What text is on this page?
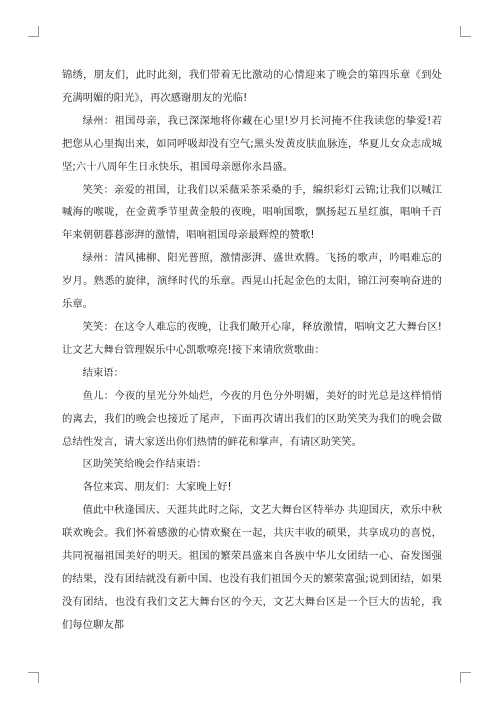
锦绣，朋友们，此时此刻，我们带着无比激动的心情迎来了晚会的第四乐章《到处充满明媚的阳光》，再次感谢朋友的光临!

绿州：祖国母亲，我已深深地将你藏在心里!岁月长河掩不住我读您的挚爱!若把您从心里掏出来，如同呼吸却没有空气;黑头发黄皮肤血脉连，华夏儿女众志成城坚;六十八周年生日永快乐，祖国母亲愿你永昌盛。

笑笑：亲爱的祖国，让我们以采薇采茶采桑的手，编织彩灯云锦;让我们以喊江喊海的喉咙，在金黄季节里黄金般的夜晚，唱响国歌，飘扬起五星红旗，唱响千百年来朝朝暮暮澎湃的激情，唱响祖国母亲最辉煌的赞歌!

绿州：清风拂柳、阳光普照，激情澎湃、盛世欢腾。飞扬的歌声，吟唱难忘的岁月。熟悉的旋律，演绎时代的乐章。西晃山托起金色的太阳，锦江河奏响奋进的乐章。

笑笑：在这令人难忘的夜晚，让我们敞开心扉，释放激情，唱响文艺大舞台区!让文艺大舞台管理娱乐中心凯歌嘹亮!接下来请欣赏歌曲：

结束语：

鱼儿：今夜的星光分外灿烂，今夜的月色分外明媚，美好的时光总是这样悄悄的离去，我们的晚会也接近了尾声，下面再次请出我们的区助笑笑为我们的晚会做总结性发言，请大家送出你们热情的鲜花和掌声，有请区助笑笑。

区助笑笑给晚会作结束语：

各位来宾、朋友们：大家晚上好!

值此中秋逢国庆、天涯共此时之际，文艺大舞台区特举办 共迎国庆，欢乐中秋联欢晚会。我们怀着感激的心情欢聚在一起，共庆丰收的硕果，共享成功的喜悦，共同祝福祖国美好的明天。祖国的繁荣昌盛来自各族中华儿女团结一心、奋发图强的结果，没有团结就没有新中国、也没有我们祖国今天的繁荣富强;说到团结，如果没有团结，也没有我们文艺大舞台区的今天，文艺大舞台区是一个巨大的齿轮，我们每位聊友都
